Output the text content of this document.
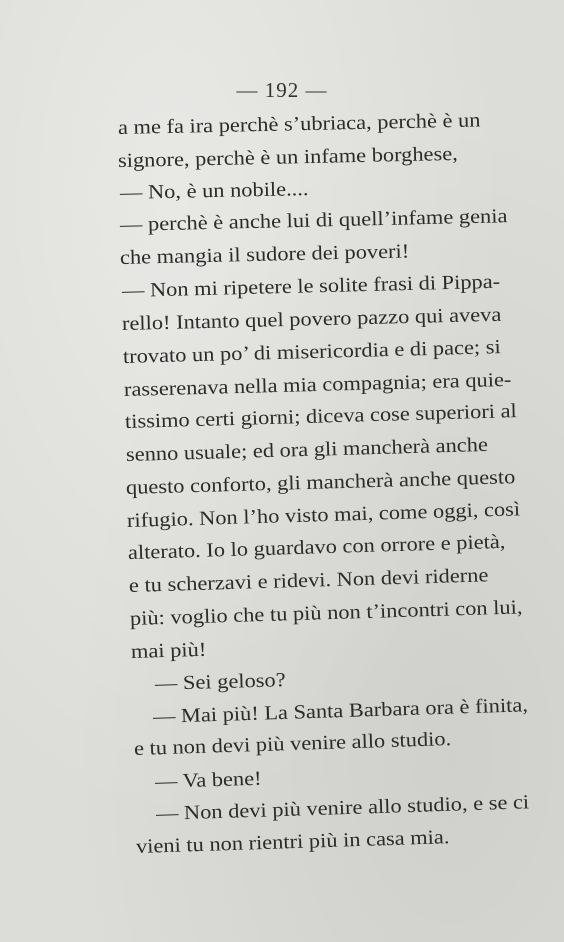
— 192 —
a me fa ira perchè s’ubriaca, perchè è un
signore, perchè è un infame borghese,
— No, è un nobile....
— perchè è anche lui di quell’infame genia
che mangia il sudore dei poveri!
— Non mi ripetere le solite frasi di Pippa-
rello! Intanto quel povero pazzo qui aveva
trovato un po’ di misericordia e di pace; si
rasserenava nella mia compagnia; era quie-
tissimo certi giorni; diceva cose superiori al
senno usuale; ed ora gli mancherà anche
questo conforto, gli mancherà anche questo
rifugio. Non l’ho visto mai, come oggi, così
alterato. Io lo guardavo con orrore e pietà,
e tu scherzavi e ridevi. Non devi riderne
più: voglio che tu più non t’incontri con lui,
mai più!
— Sei geloso?
— Mai più! La Santa Barbara ora è finita,
e tu non devi più venire allo studio.
— Va bene!
— Non devi più venire allo studio, e se ci
vieni tu non rientri più in casa mia.
